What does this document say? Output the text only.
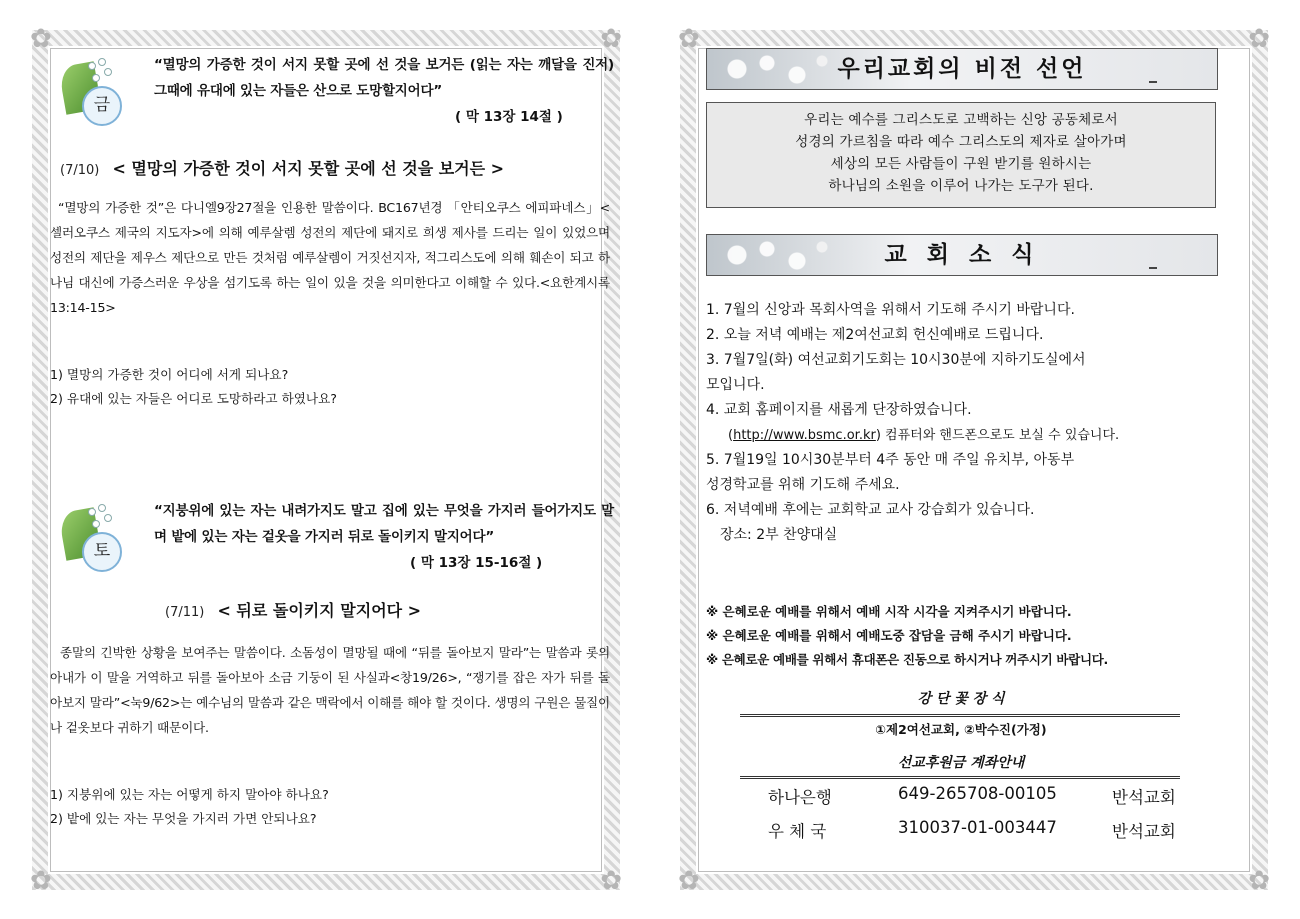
✿	✿
✿	✿
금
“멸망의 가증한 것이 서지 못할 곳에 선 것을 보거든 (읽는 자는 깨달을 진저) 그때에 유대에 있는 자들은 산으로 도망할지어다”
( 막 13장 14절 )
(7/10) < 멸망의 가증한 것이 서지 못할 곳에 선 것을 보거든 >
“멸망의 가증한 것”은 다니엘9장27절을 인용한 말씀이다. BC167년경 「안티오쿠스 에피파네스」<셀러오쿠스 제국의 지도자>에 의해 예루살렘 성전의 제단에 돼지로 희생 제사를 드리는 일이 있었으며 성전의 제단을 제우스 제단으로 만든 것처럼 예루살렘이 거짓선지자, 적그리스도에 의해 훼손이 되고 하나님 대신에 가증스러운 우상을 섬기도록 하는 일이 있을 것을 의미한다고 이해할 수 있다.<요한계시록13:14-15>
1) 멸망의 가증한 것이 어디에 서게 되나요?
2) 유대에 있는 자들은 어디로 도망하라고 하였나요?
토
“지붕위에 있는 자는 내려가지도 말고 집에 있는 무엇을 가지러 들어가지도 말며 밭에 있는 자는 겉옷을 가지러 뒤로 돌이키지 말지어다”
( 막 13장 15-16절 )
(7/11) < 뒤로 돌이키지 말지어다 >
종말의 긴박한 상황을 보여주는 말씀이다. 소돔성이 멸망될 때에 “뒤를 돌아보지 말라”는 말씀과 롯의 아내가 이 말을 거역하고 뒤를 돌아보아 소금 기둥이 된 사실과<창19/26>, “쟁기를 잡은 자가 뒤를 돌아보지 말라”<눅9/62>는 예수님의 말씀과 같은 맥락에서 이해를 해야 할 것이다. 생명의 구원은 물질이나 겉옷보다 귀하기 때문이다.
1) 지붕위에 있는 자는 어떻게 하지 말아야 하나요?
2) 밭에 있는 자는 무엇을 가지러 가면 안되나요?
✿	✿
✿	✿
우리교회의 비전 선언
우리는 예수를 그리스도로 고백하는 신앙 공동체로서
성경의 가르침을 따라 예수 그리스도의 제자로 살아가며
세상의 모든 사람들이 구원 받기를 원하시는
하나님의 소원을 이루어 나가는 도구가 된다.
교 회 소 식
1. 7월의 신앙과 목회사역을 위해서 기도해 주시기 바랍니다.
2. 오늘 저녁 예배는 제2여선교회 헌신예배로 드립니다.
3. 7월7일(화) 여선교회기도회는 10시30분에 지하기도실에서
모입니다.
4. 교회 홈페이지를 새롭게 단장하였습니다.
(http://www.bsmc.or.kr) 컴퓨터와 핸드폰으로도 보실 수 있습니다.
5. 7월19일 10시30분부터 4주 동안 매 주일 유치부, 아동부
성경학교를 위해 기도해 주세요.
6. 저녁예배 후에는 교회학교 교사 강습회가 있습니다.
장소: 2부 찬양대실
※ 은혜로운 예배를 위해서 예배 시작 시각을 지켜주시기 바랍니다.
※ 은혜로운 예배를 위해서 예배도중 잡담을 금해 주시기 바랍니다.
※ 은혜로운 예배를 위해서 휴대폰은 진동으로 하시거나 꺼주시기 바랍니다.
강 단 꽃 장 식
①제2여선교회, ②박수진(가정)
선교후원금 계좌안내
하나은행	649-265708-00105	반석교회
우 체 국	310037-01-003447	반석교회
